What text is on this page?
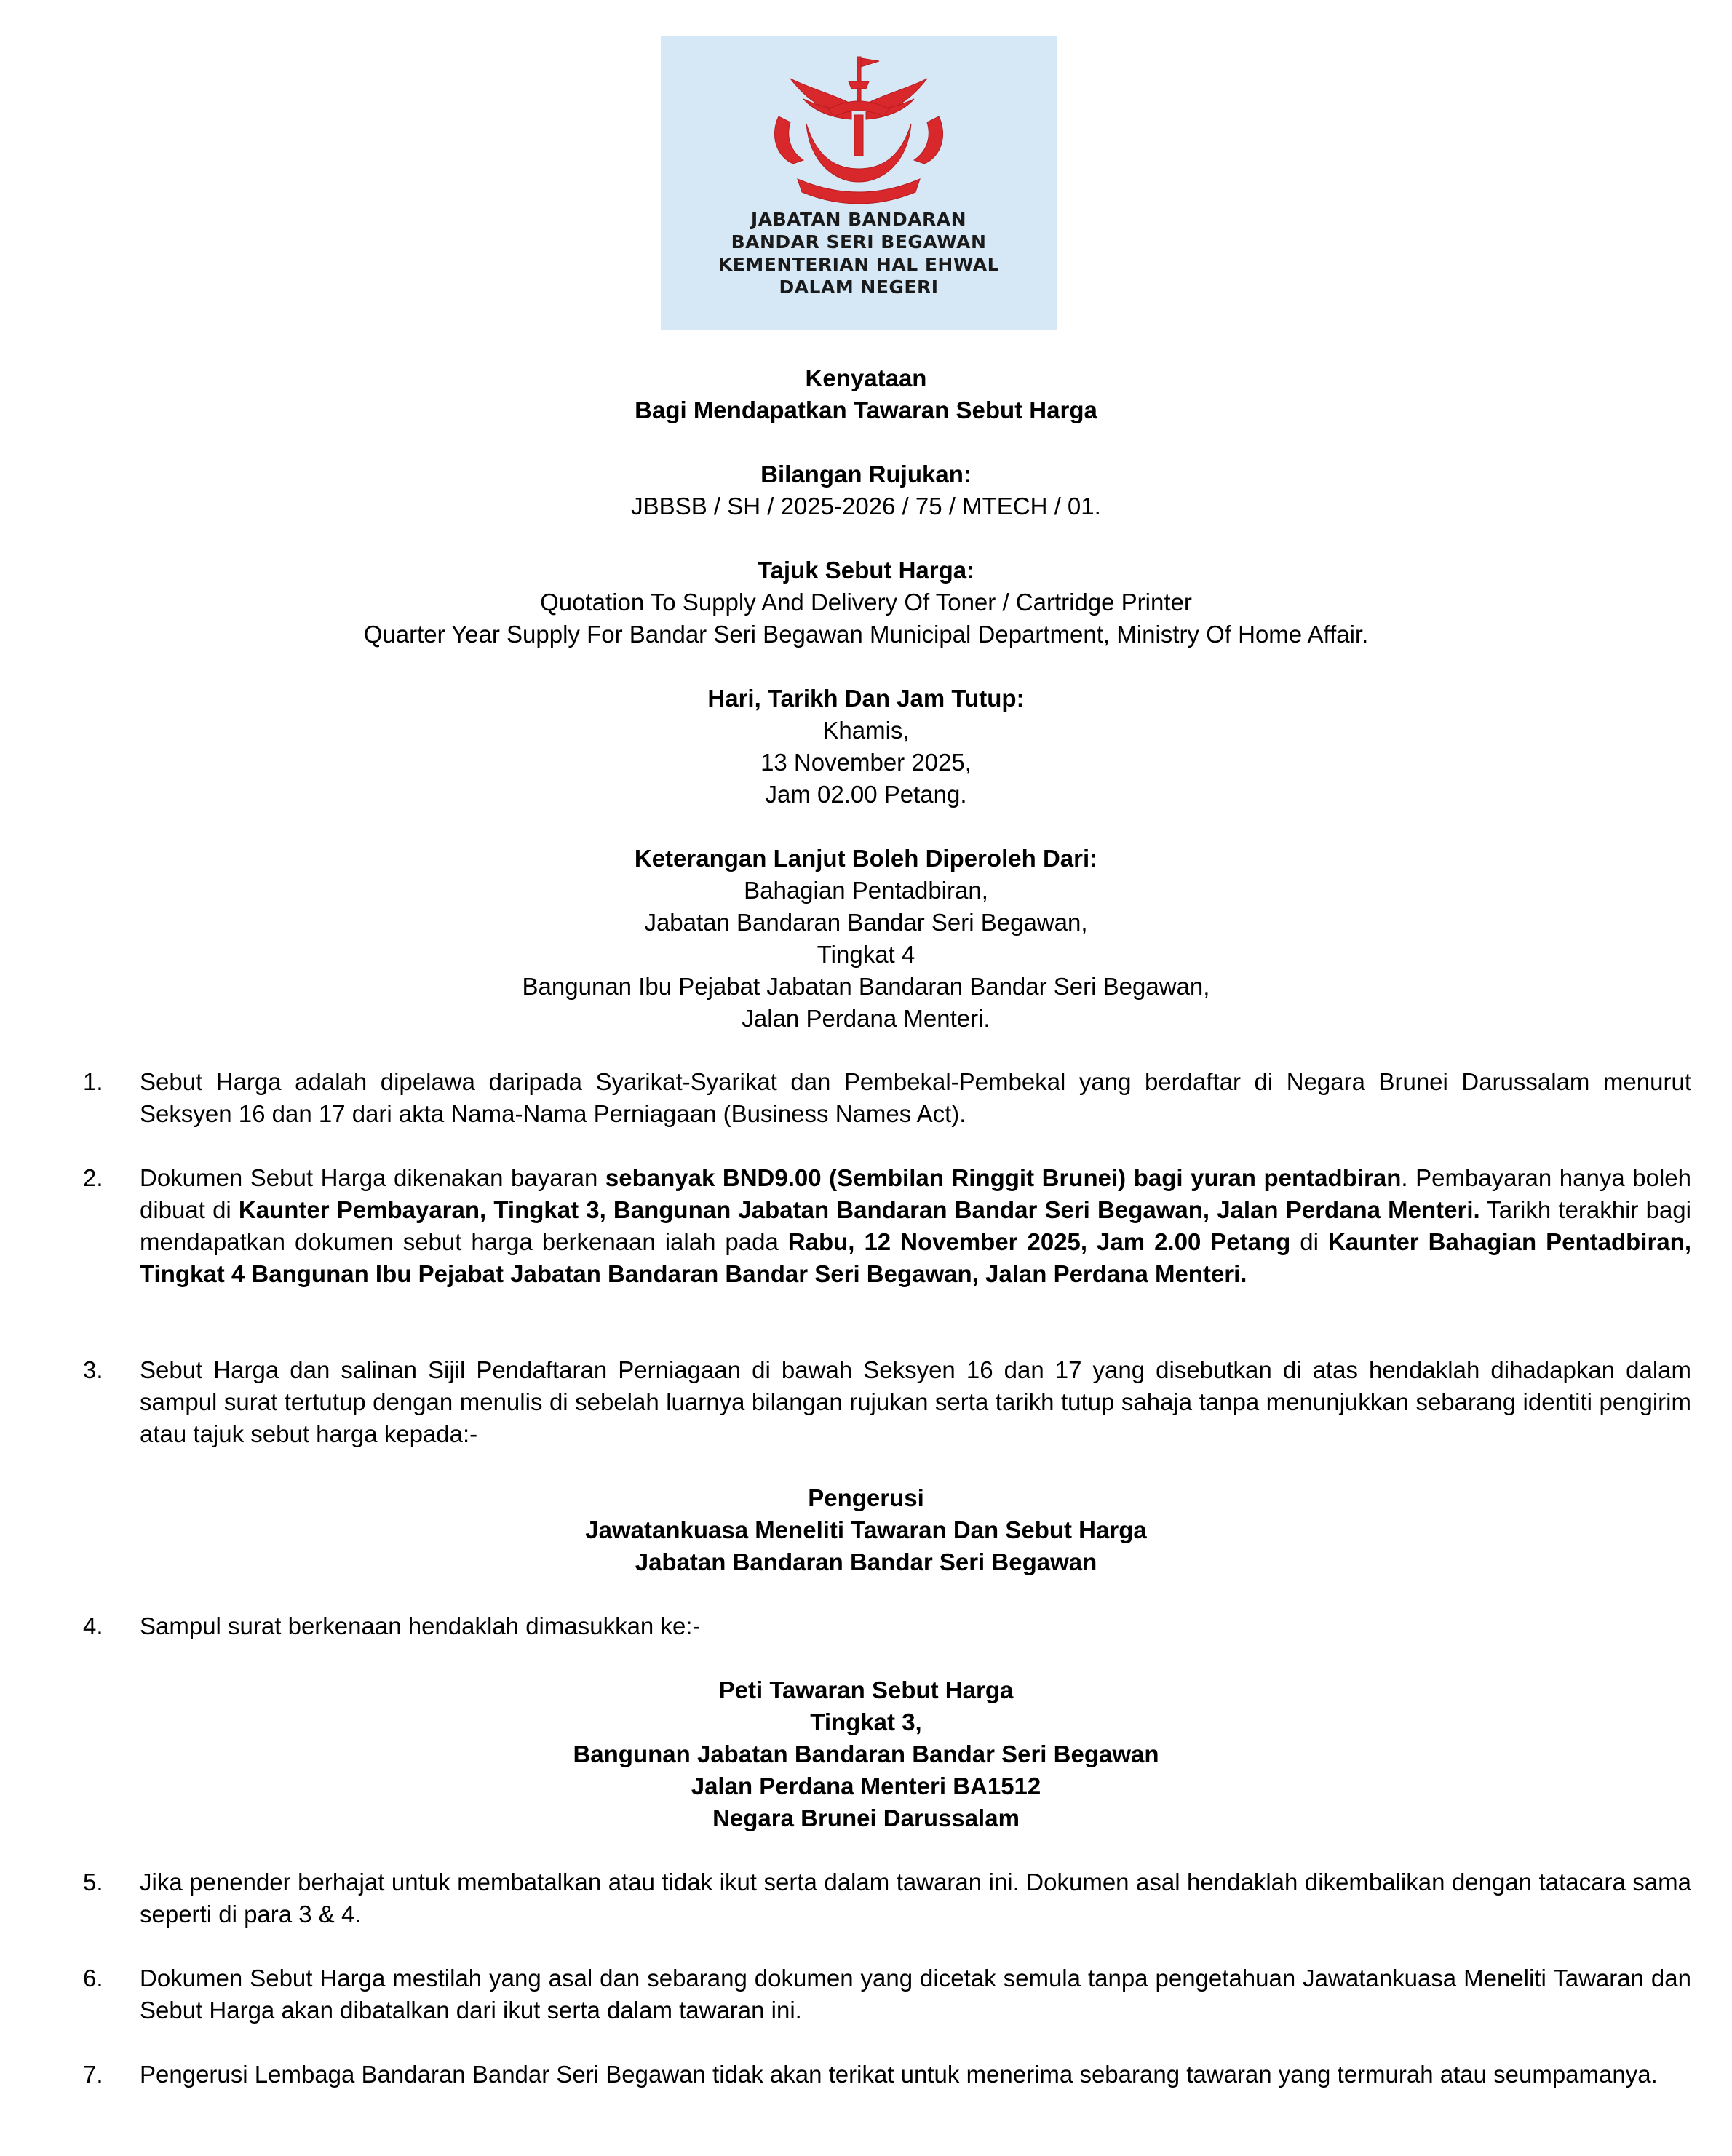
JABATAN BANDARAN
BANDAR SERI BEGAWAN
KEMENTERIAN HAL EHWAL
DALAM NEGERI
Kenyataan
Bagi Mendapatkan Tawaran Sebut Harga
Bilangan Rujukan:
JBBSB / SH / 2025-2026 / 75 / MTECH / 01.
Tajuk Sebut Harga:
Quotation To Supply And Delivery Of Toner / Cartridge Printer
Quarter Year Supply For Bandar Seri Begawan Municipal Department, Ministry Of Home Affair.
Hari, Tarikh Dan Jam Tutup:
Khamis,
13 November 2025,
Jam 02.00 Petang.
Keterangan Lanjut Boleh Diperoleh Dari:
Bahagian Pentadbiran,
Jabatan Bandaran Bandar Seri Begawan,
Tingkat 4
Bangunan Ibu Pejabat Jabatan Bandaran Bandar Seri Begawan,
Jalan Perdana Menteri.
1. Sebut Harga adalah dipelawa daripada Syarikat-Syarikat dan Pembekal-Pembekal yang berdaftar di Negara Brunei Darussalam menurut Seksyen 16 dan 17 dari akta Nama-Nama Perniagaan (Business Names Act).
2. Dokumen Sebut Harga dikenakan bayaran sebanyak BND9.00 (Sembilan Ringgit Brunei) bagi yuran pentadbiran. Pembayaran hanya boleh dibuat di Kaunter Pembayaran, Tingkat 3, Bangunan Jabatan Bandaran Bandar Seri Begawan, Jalan Perdana Menteri. Tarikh terakhir bagi mendapatkan dokumen sebut harga berkenaan ialah pada Rabu, 12 November 2025, Jam 2.00 Petang di Kaunter Bahagian Pentadbiran, Tingkat 4 Bangunan Ibu Pejabat Jabatan Bandaran Bandar Seri Begawan, Jalan Perdana Menteri.
3. Sebut Harga dan salinan Sijil Pendaftaran Perniagaan di bawah Seksyen 16 dan 17 yang disebutkan di atas hendaklah dihadapkan dalam sampul surat tertutup dengan menulis di sebelah luarnya bilangan rujukan serta tarikh tutup sahaja tanpa menunjukkan sebarang identiti pengirim atau tajuk sebut harga kepada:-
4. Sampul surat berkenaan hendaklah dimasukkan ke:-
5. Jika penender berhajat untuk membatalkan atau tidak ikut serta dalam tawaran ini. Dokumen asal hendaklah dikembalikan dengan tatacara sama seperti di para 3 & 4.
6. Dokumen Sebut Harga mestilah yang asal dan sebarang dokumen yang dicetak semula tanpa pengetahuan Jawatankuasa Meneliti Tawaran dan Sebut Harga akan dibatalkan dari ikut serta dalam tawaran ini.
7. Pengerusi Lembaga Bandaran Bandar Seri Begawan tidak akan terikat untuk menerima sebarang tawaran yang termurah atau seumpamanya.
Pengerusi
Jawatankuasa Meneliti Tawaran Dan Sebut Harga
Jabatan Bandaran Bandar Seri Begawan
Peti Tawaran Sebut Harga
Tingkat 3,
Bangunan Jabatan Bandaran Bandar Seri Begawan
Jalan Perdana Menteri BA1512
Negara Brunei Darussalam
